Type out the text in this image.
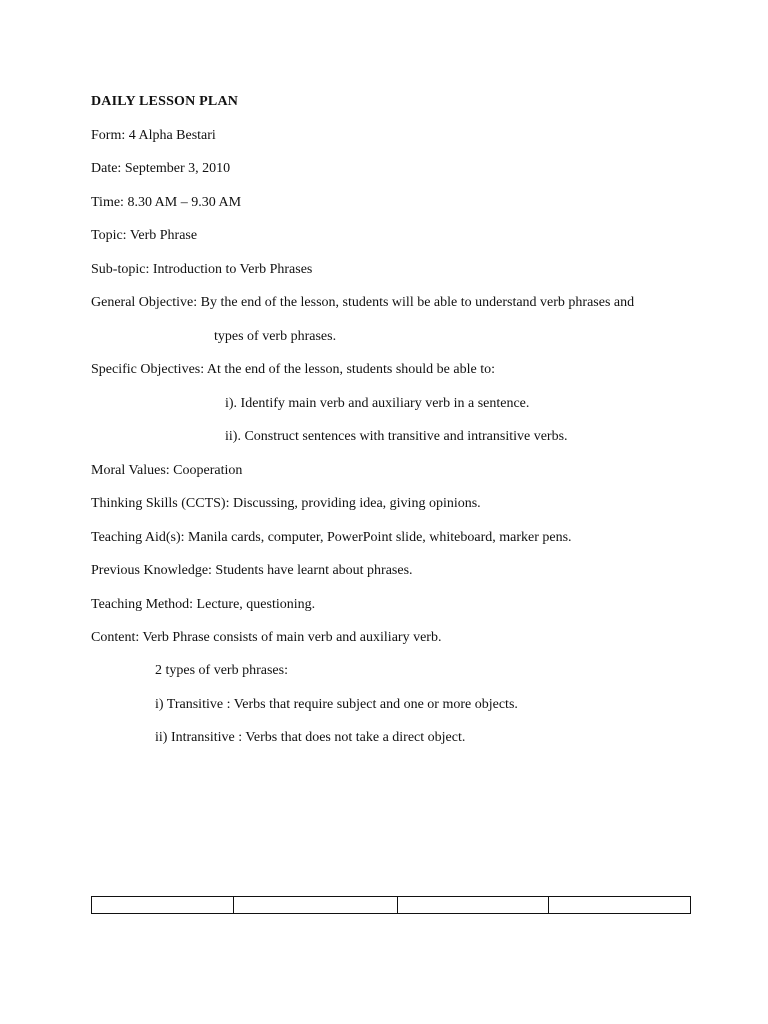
DAILY LESSON PLAN
Form: 4 Alpha Bestari
Date: September 3, 2010
Time: 8.30 AM – 9.30 AM
Topic: Verb Phrase
Sub-topic: Introduction to Verb Phrases
General Objective: By the end of the lesson, students will be able to understand verb phrases and
types of verb phrases.
Specific Objectives: At the end of the lesson, students should be able to:
i). Identify main verb and auxiliary verb in a sentence.
ii). Construct sentences with transitive and intransitive verbs.
Moral Values: Cooperation
Thinking Skills (CCTS): Discussing, providing idea, giving opinions.
Teaching Aid(s): Manila cards, computer, PowerPoint slide, whiteboard, marker pens.
Previous Knowledge: Students have learnt about phrases.
Teaching Method: Lecture, questioning.
Content: Verb Phrase consists of main verb and auxiliary verb.
2 types of verb phrases:
i) Transitive : Verbs that require subject and one or more objects.
ii) Intransitive : Verbs that does not take a direct object.
